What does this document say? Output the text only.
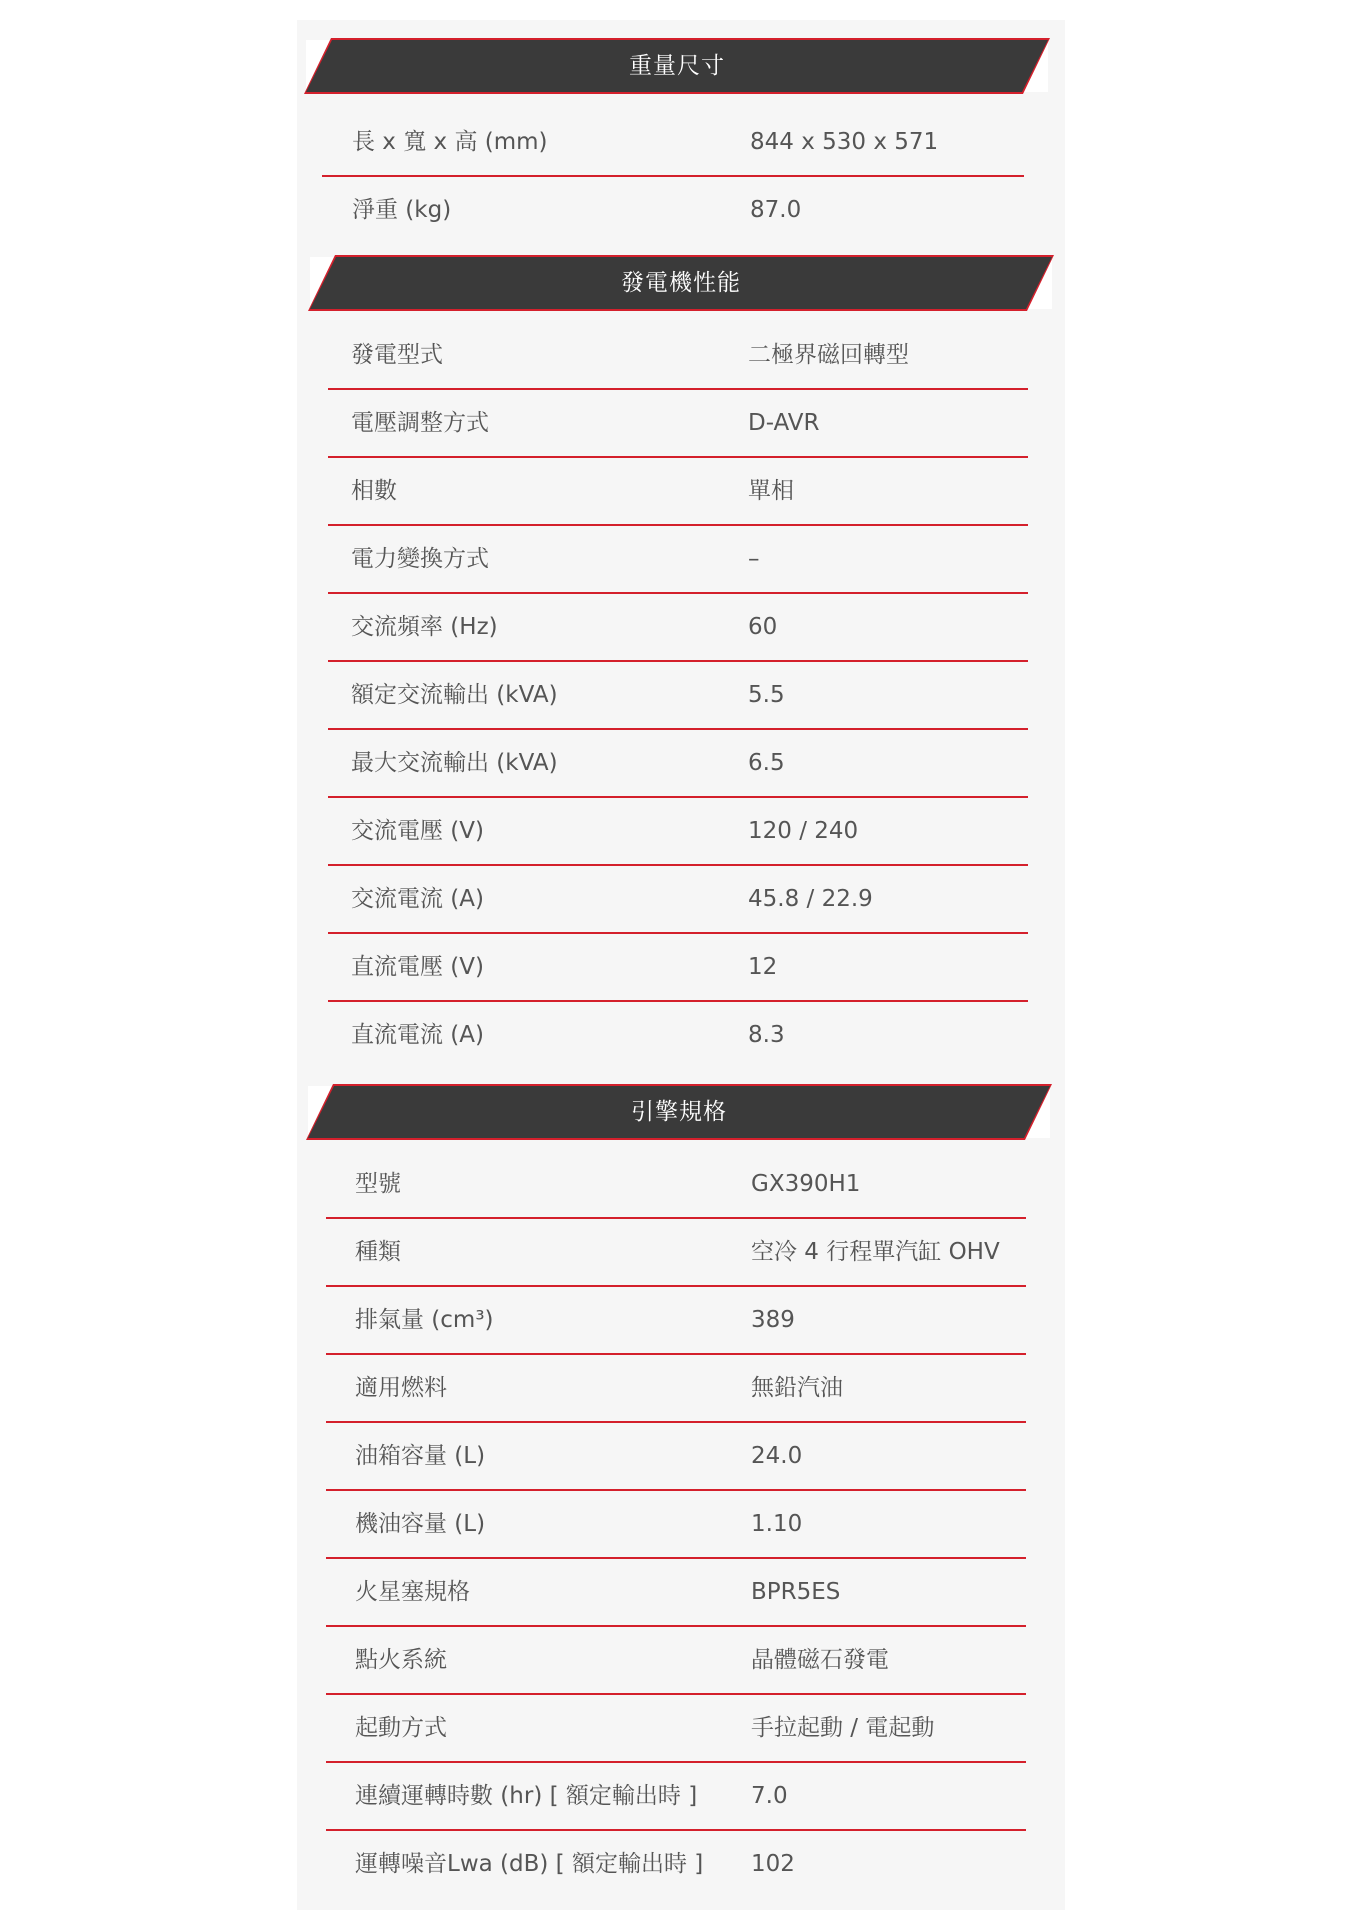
重量尺寸
長 x 寬 x 高 (mm)	844 x 530 x 571
淨重 (kg)	87.0
發電機性能
發電型式	二極界磁回轉型
電壓調整方式	D-AVR
相數	單相
電力變換方式	–
交流頻率 (Hz)	60
額定交流輸出 (kVA)	5.5
最大交流輸出 (kVA)	6.5
交流電壓 (V)	120 / 240
交流電流 (A)	45.8 / 22.9
直流電壓 (V)	12
直流電流 (A)	8.3
引擎規格
型號	GX390H1
種類	空冷 4 行程單汽缸 OHV
排氣量 (cm³)	389
適用燃料	無鉛汽油
油箱容量 (L)	24.0
機油容量 (L)	1.10
火星塞規格	BPR5ES
點火系統	晶體磁石發電
起動方式	手拉起動 / 電起動
連續運轉時數 (hr) [ 額定輸出時 ] 7.0
運轉噪音Lwa (dB) [ 額定輸出時 ] 102
